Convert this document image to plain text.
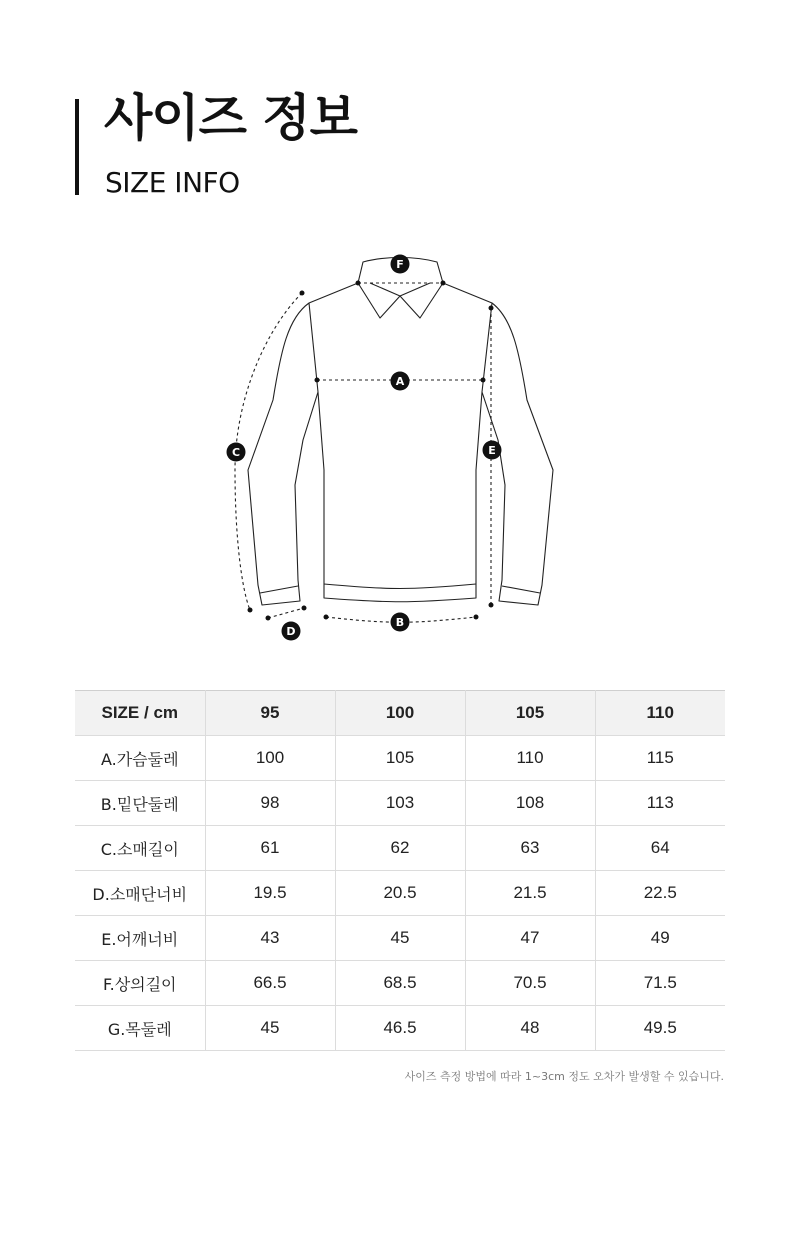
사이즈 정보
SIZE INFO
A
B
C
D
E
F
SIZE / cm	95	100	105	110
A.가슴둘레	100	105	110	115
B.밑단둘레	98	103	108	113
C.소매길이	61	62	63	64
D.소매단너비	19.5	20.5	21.5	22.5
E.어깨너비	43	45	47	49
F.상의길이	66.5	68.5	70.5	71.5
G.목둘레	45	46.5	48	49.5
사이즈 측정 방법에 따라 1~3cm 정도 오차가 발생할 수 있습니다.
